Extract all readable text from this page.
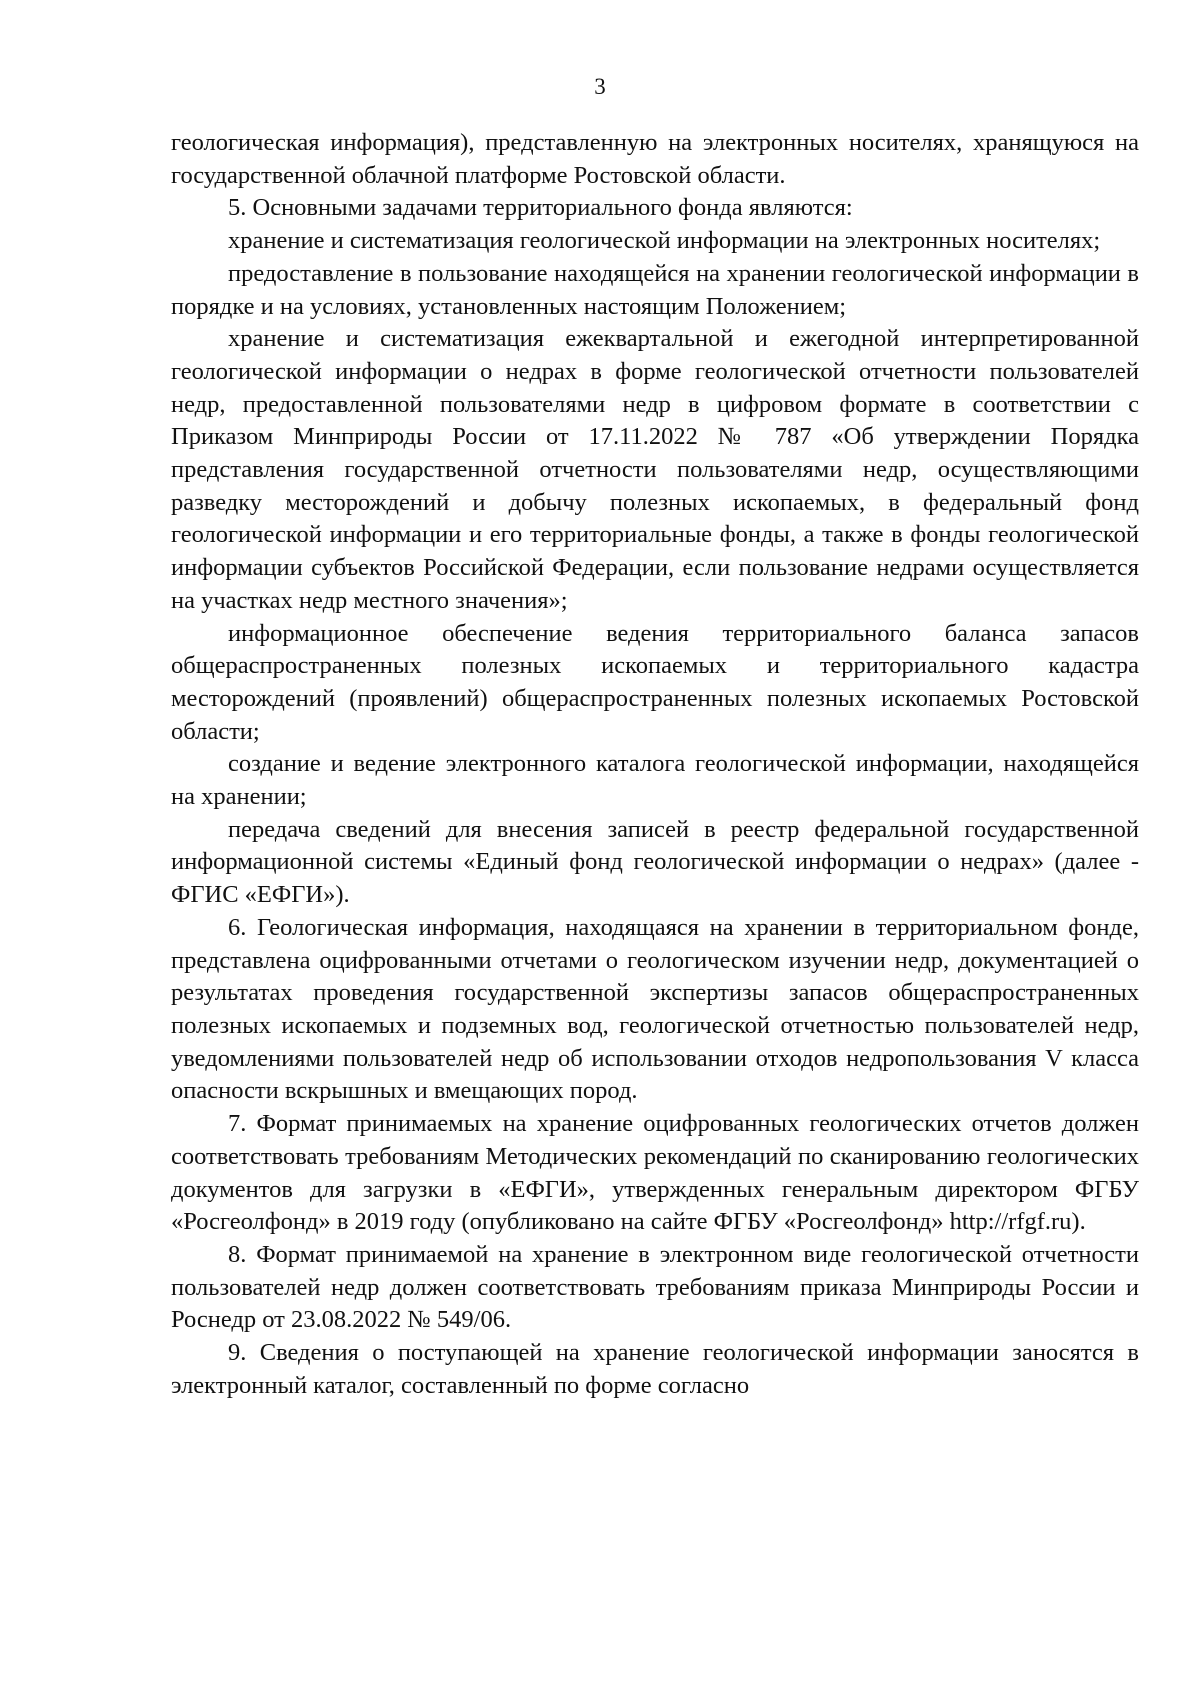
3

геологическая информация), представленную на электронных носителях, хранящуюся на государственной облачной платформе Ростовской области.

5. Основными задачами территориального фонда являются:

хранение и систематизация геологической информации на электронных носителях;

предоставление в пользование находящейся на хранении геологической информации в порядке и на условиях, установленных настоящим Положением;

хранение и систематизация ежеквартальной и ежегодной интерпретированной геологической информации о недрах в форме геологической отчетности пользователей недр, предоставленной пользователями недр в цифровом формате в соответствии с Приказом Минприроды России от 17.11.2022 № 787 «Об утверждении Порядка представления государственной отчетности пользователями недр, осуществляющими разведку месторождений и добычу полезных ископаемых, в федеральный фонд геологической информации и его территориальные фонды, а также в фонды геологической информации субъектов Российской Федерации, если пользование недрами осуществляется на участках недр местного значения»;

информационное обеспечение ведения территориального баланса запасов общераспространенных полезных ископаемых и территориального кадастра месторождений (проявлений) общераспространенных полезных ископаемых Ростовской области;

создание и ведение электронного каталога геологической информации, находящейся на хранении;

передача сведений для внесения записей в реестр федеральной государственной информационной системы «Единый фонд геологической информации о недрах» (далее - ФГИС «ЕФГИ»).

6. Геологическая информация, находящаяся на хранении в территориальном фонде, представлена оцифрованными отчетами о геологическом изучении недр, документацией о результатах проведения государственной экспертизы запасов общераспространенных полезных ископаемых и подземных вод, геологической отчетностью пользователей недр, уведомлениями пользователей недр об использовании отходов недропользования V класса опасности вскрышных и вмещающих пород.

7. Формат принимаемых на хранение оцифрованных геологических отчетов должен соответствовать требованиям Методических рекомендаций по сканированию геологических документов для загрузки в «ЕФГИ», утвержденных генеральным директором ФГБУ «Росгеолфонд» в 2019 году (опубликовано на сайте ФГБУ «Росгеолфонд» http://rfgf.ru).

8. Формат принимаемой на хранение в электронном виде геологической отчетности пользователей недр должен соответствовать требованиям приказа Минприроды России и Роснедр от 23.08.2022 № 549/06.

9. Сведения о поступающей на хранение геологической информации заносятся в электронный каталог, составленный по форме согласно
